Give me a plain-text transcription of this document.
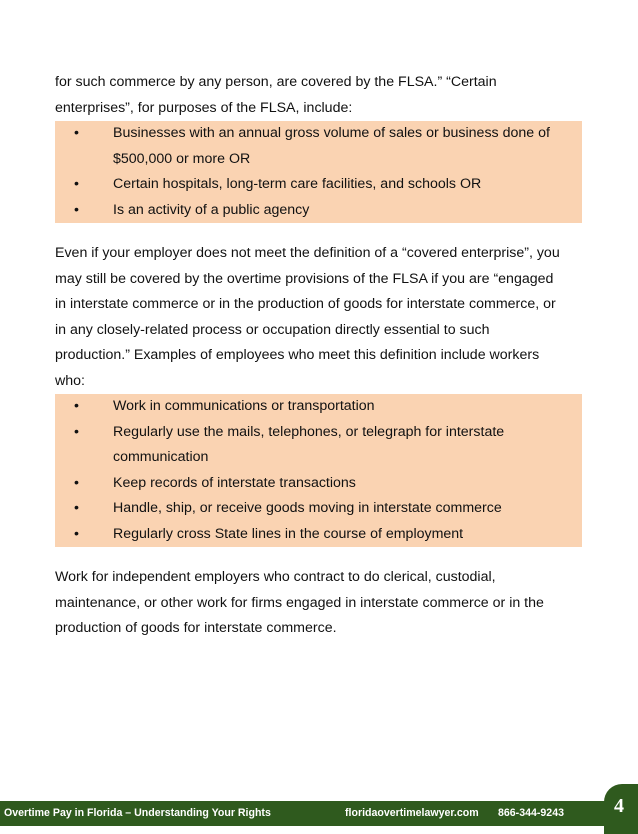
for such commerce by any person, are covered by the FLSA.” “Certain

enterprises”, for purposes of the FLSA, include:

•	Businesses with an annual gross volume of sales or business done of $500,000 or more OR
•	Certain hospitals, long-term care facilities, and schools OR
•	Is an activity of a public agency

Even if your employer does not meet the definition of a “covered enterprise”, you

may still be covered by the overtime provisions of the FLSA if you are “engaged

in interstate commerce or in the production of goods for interstate commerce, or

in any closely-related process or occupation directly essential to such

production.” Examples of employees who meet this definition include workers

who:

•	Work in communications or transportation
•	Regularly use the mails, telephones, or telegraph for interstate communication
•	Keep records of interstate transactions
•	Handle, ship, or receive goods moving in interstate commerce
•	Regularly cross State lines in the course of employment

Work for independent employers who contract to do clerical, custodial,

maintenance, or other work for firms engaged in interstate commerce or in the

production of goods for interstate commerce.

Overtime Pay in Florida – Understanding Your Rights	floridaovertimelawyer.com 866-344-9243	4
